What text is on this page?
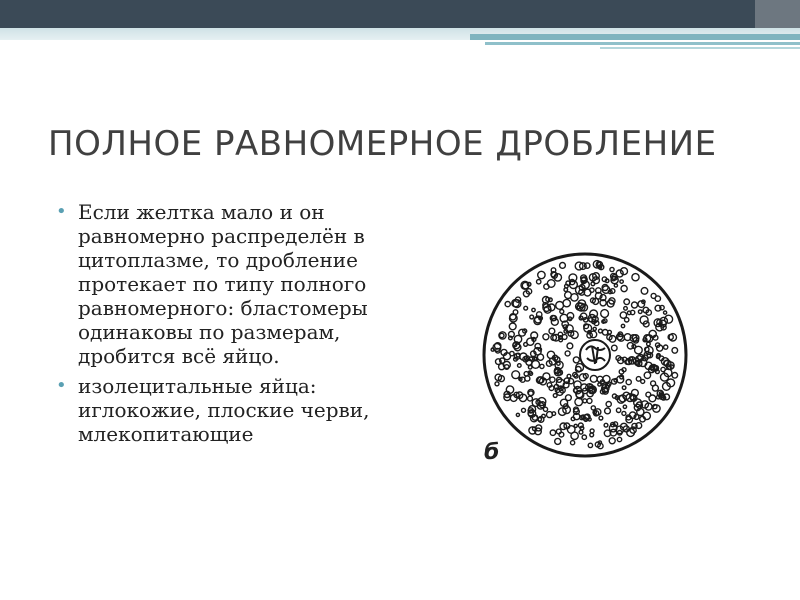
ПОЛНОЕ РАВНОМЕРНОЕ ДРОБЛЕНИЕ
• Если желтка мало и он равномерно распределён в цитоплазме, то дробление протекает по типу полного равномерного: бластомеры одинаковы по размерам, дробится всё яйцо.
• изолецитальные яйца: иглокожие, плоские черви, млекопитающие
б
